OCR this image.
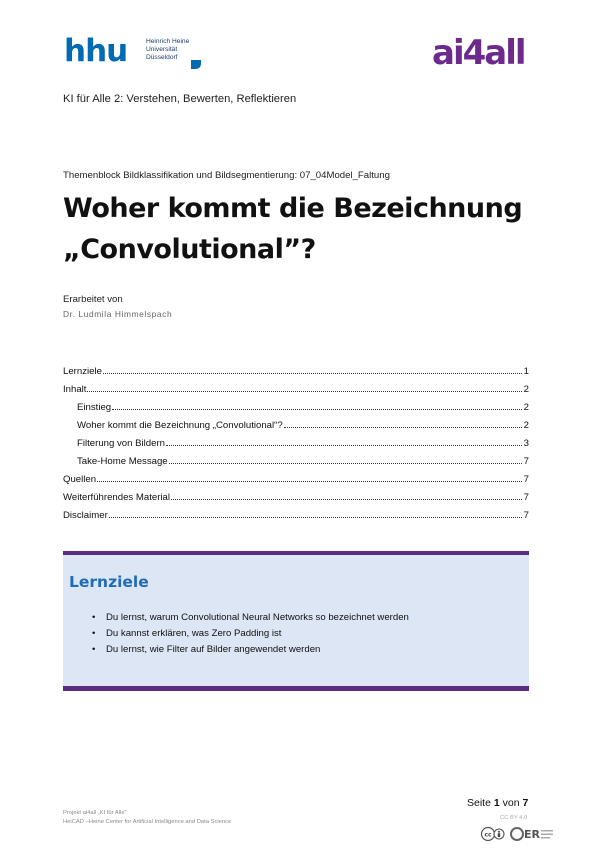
hhu	Heinrich Heine
Universität
Düsseldorf	ai4all
KI für Alle 2: Verstehen, Bewerten, Reflektieren
Themenblock Bildklassifikation und Bildsegmentierung: 07_04Model_Faltung
Woher kommt die Bezeichnung „Convolutional”?
Erarbeitet von
Dr. Ludmila Himmelspach
Lernziele	1
Inhalt	2
Einstieg	2
Woher kommt die Bezeichnung „Convolutional“?	2
Filterung von Bildern	3
Take-Home Message	7
Quellen	7
Weiterführendes Material	7
Disclaimer	7
Lernziele
• Du lernst, warum Convolutional Neural Networks so bezeichnet werden
• Du kannst erklären, was Zero Padding ist
• Du lernst, wie Filter auf Bilder angewendet werden
Seite 1 von 7
Projekt ai4all „KI für Alle“
HeiCAD –Heine Center for Artificial Intelligence and Data Science
CC BY 4.0
cc	ER
